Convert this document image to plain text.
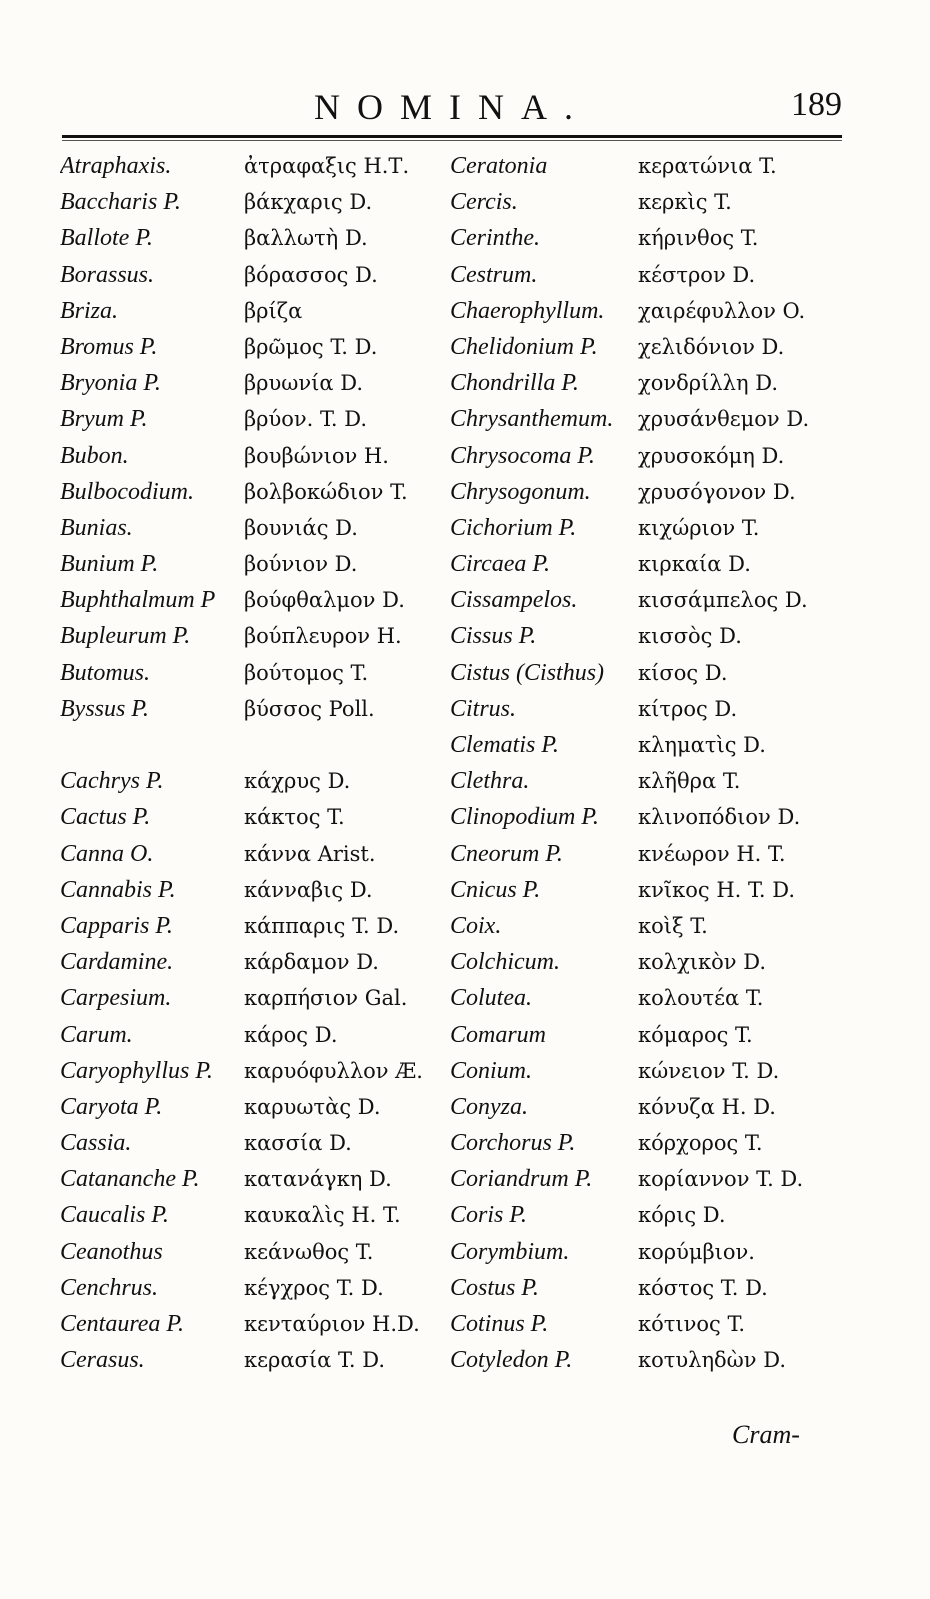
NOMINA.	189
Atraphaxis.
Baccharis P.
Ballote P.
Borassus.
Briza.
Bromus P.
Bryonia P.
Bryum P.
Bubon.
Bulbocodium.
Bunias.
Bunium P.
Buphthalmum P
Bupleurum P.
Butomus.
Byssus P.
Cachrys P.
Cactus P.
Canna O.
Cannabis P.
Capparis P.
Cardamine.
Carpesium.
Carum.
Caryophyllus P.
Caryota P.
Cassia.
Catananche P.
Caucalis P.
Ceanothus
Cenchrus.
Centaurea P.
Cerasus.
ἀτραφαξις Η.Τ.
βάκχαρις D.
βαλλωτὴ D.
βόρασσος D.
βρίζα
βρῶμος T. D.
βρυωνία D.
βρύον. T. D.
βουβώνιον H.
βολβοκώδιον T.
βουνιάς D.
βούνιον D.
βούφθαλμον D.
βούπλευρον H.
βούτομος T.
βύσσος Poll.
κάχρυς D.
κάκτος T.
κάννα Arist.
κάνναβις D.
κάππαρις T. D.
κάρδαμον D.
καρπήσιον Gal.
κάρος D.
καρυόφυλλον Æ.
καρυωτὰς D.
κασσία D.
κατανάγκη D.
καυκαλὶς H. T.
κεάνωθος T.
κέγχρος T. D.
κενταύριον H.D.
κερασία T. D.
Ceratonia
Cercis.
Cerinthe.
Cestrum.
Chaerophyllum.
Chelidonium P.
Chondrilla P.
Chrysanthemum.
Chrysocoma P.
Chrysogonum.
Cichorium P.
Circaea P.
Cissampelos.
Cissus P.
Cistus (Cisthus)
Citrus.
Clematis P.
Clethra.
Clinopodium P.
Cneorum P.
Cnicus P.
Coix.
Colchicum.
Colutea.
Comarum
Conium.
Conyza.
Corchorus P.
Coriandrum P.
Coris P.
Corymbium.
Costus P.
Cotinus P.
Cotyledon P.
κερατώνια T.
κερκὶς T.
κήρινθος T.
κέστρον D.
χαιρέφυλλον O.
χελιδόνιον D.
χονδρίλλη D.
χρυσάνθεμον D.
χρυσοκόμη D.
χρυσόγονον D.
κιχώριον T.
κιρκαία D.
κισσάμπελος D.
κισσὸς D.
κίσος D.
κίτρος D.
κληματὶς D.
κλῆθρα T.
κλινοπόδιον D.
κνέωρον H. T.
κνῖκος H. T. D.
κοὶξ T.
κολχικὸν D.
κολουτέα T.
κόμαρος T.
κώνειον T. D.
κόνυζα H. D.
κόρχορος T.
κορίαννον T. D.
κόρις D.
κορύμβιον.
κόστος T. D.
κότινος T.
κοτυληδὼν D.
Cram-
